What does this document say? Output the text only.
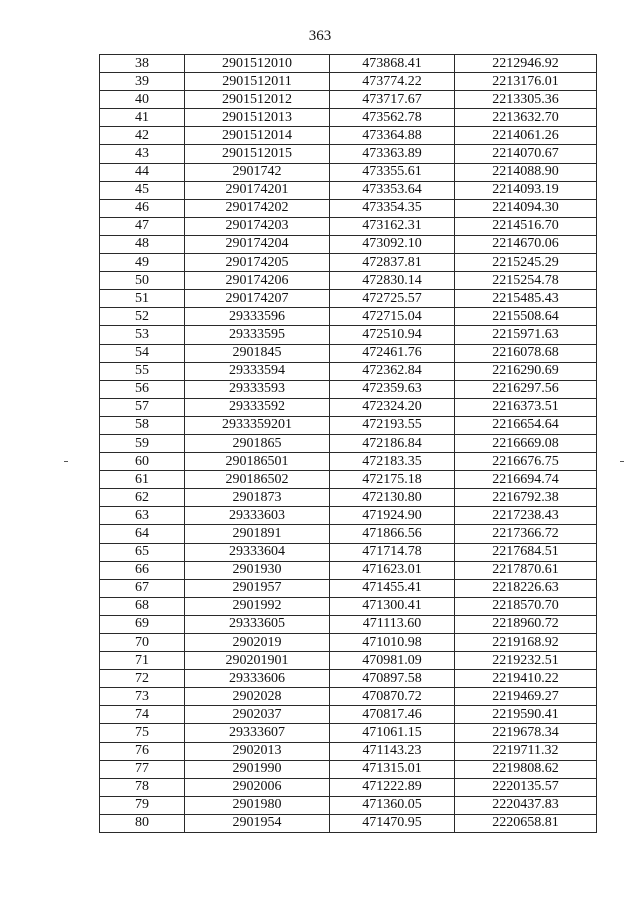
363
38	2901512010	473868.41	2212946.92
39	2901512011	473774.22	2213176.01
40	2901512012	473717.67	2213305.36
41	2901512013	473562.78	2213632.70
42	2901512014	473364.88	2214061.26
43	2901512015	473363.89	2214070.67
44	2901742	473355.61	2214088.90
45	290174201	473353.64	2214093.19
46	290174202	473354.35	2214094.30
47	290174203	473162.31	2214516.70
48	290174204	473092.10	2214670.06
49	290174205	472837.81	2215245.29
50	290174206	472830.14	2215254.78
51	290174207	472725.57	2215485.43
52	29333596	472715.04	2215508.64
53	29333595	472510.94	2215971.63
54	2901845	472461.76	2216078.68
55	29333594	472362.84	2216290.69
56	29333593	472359.63	2216297.56
57	29333592	472324.20	2216373.51
58	2933359201	472193.55	2216654.64
59	2901865	472186.84	2216669.08
60	290186501	472183.35	2216676.75
61	290186502	472175.18	2216694.74
62	2901873	472130.80	2216792.38
63	29333603	471924.90	2217238.43
64	2901891	471866.56	2217366.72
65	29333604	471714.78	2217684.51
66	2901930	471623.01	2217870.61
67	2901957	471455.41	2218226.63
68	2901992	471300.41	2218570.70
69	29333605	471113.60	2218960.72
70	2902019	471010.98	2219168.92
71	290201901	470981.09	2219232.51
72	29333606	470897.58	2219410.22
73	2902028	470870.72	2219469.27
74	2902037	470817.46	2219590.41
75	29333607	471061.15	2219678.34
76	2902013	471143.23	2219711.32
77	2901990	471315.01	2219808.62
78	2902006	471222.89	2220135.57
79	2901980	471360.05	2220437.83
80	2901954	471470.95	2220658.81
